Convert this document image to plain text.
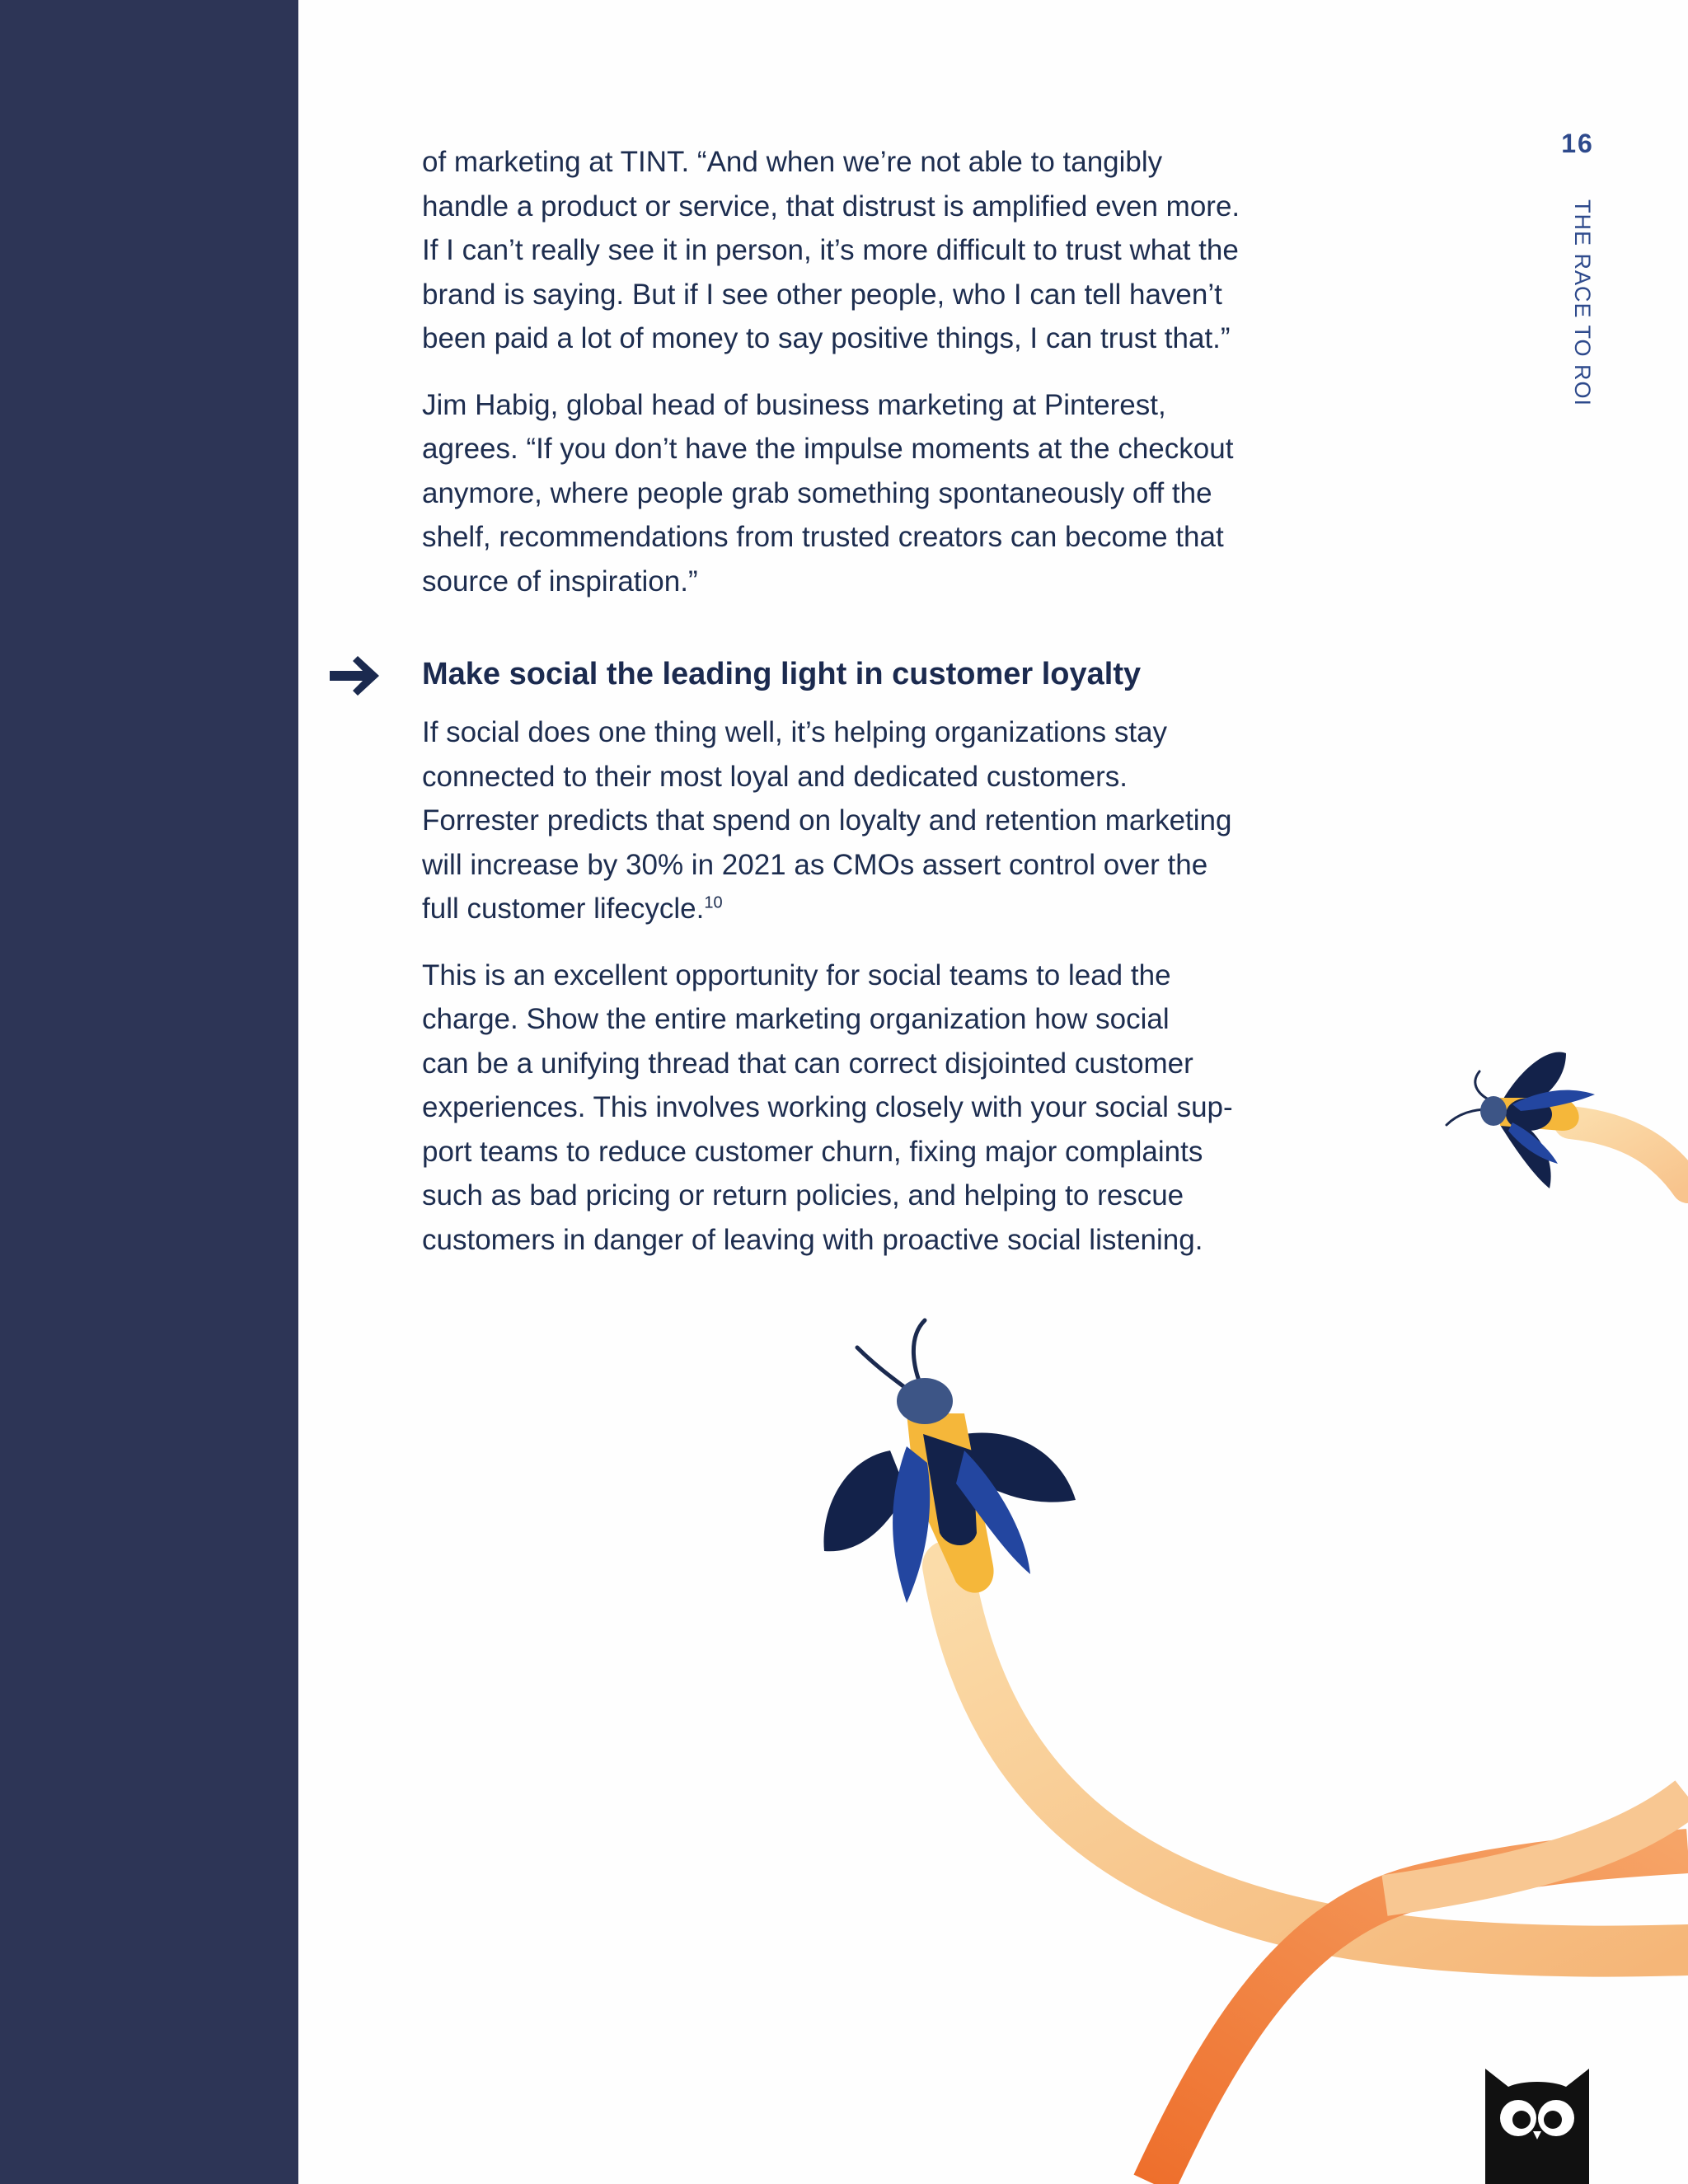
16
THE RACE TO ROI

of marketing at TINT. “And when we’re not able to tangibly
handle a product or service, that distrust is amplified even more.
If I can’t really see it in person, it’s more difficult to trust what the
brand is saying. But if I see other people, who I can tell haven’t
been paid a lot of money to say positive things, I can trust that.”

Jim Habig, global head of business marketing at Pinterest,
agrees. “If you don’t have the impulse moments at the checkout
anymore, where people grab something spontaneously off the
shelf, recommendations from trusted creators can become that
source of inspiration.”

Make social the leading light in customer loyalty

If social does one thing well, it’s helping organizations stay
connected to their most loyal and dedicated customers.
Forrester predicts that spend on loyalty and retention marketing
will increase by 30% in 2021 as CMOs assert control over the
full customer lifecycle.$^{10}$

This is an excellent opportunity for social teams to lead the
charge. Show the entire marketing organization how social
can be a unifying thread that can correct disjointed customer
experiences. This involves working closely with your social sup-
port teams to reduce customer churn, fixing major complaints
such as bad pricing or return policies, and helping to rescue
customers in danger of leaving with proactive social listening.
